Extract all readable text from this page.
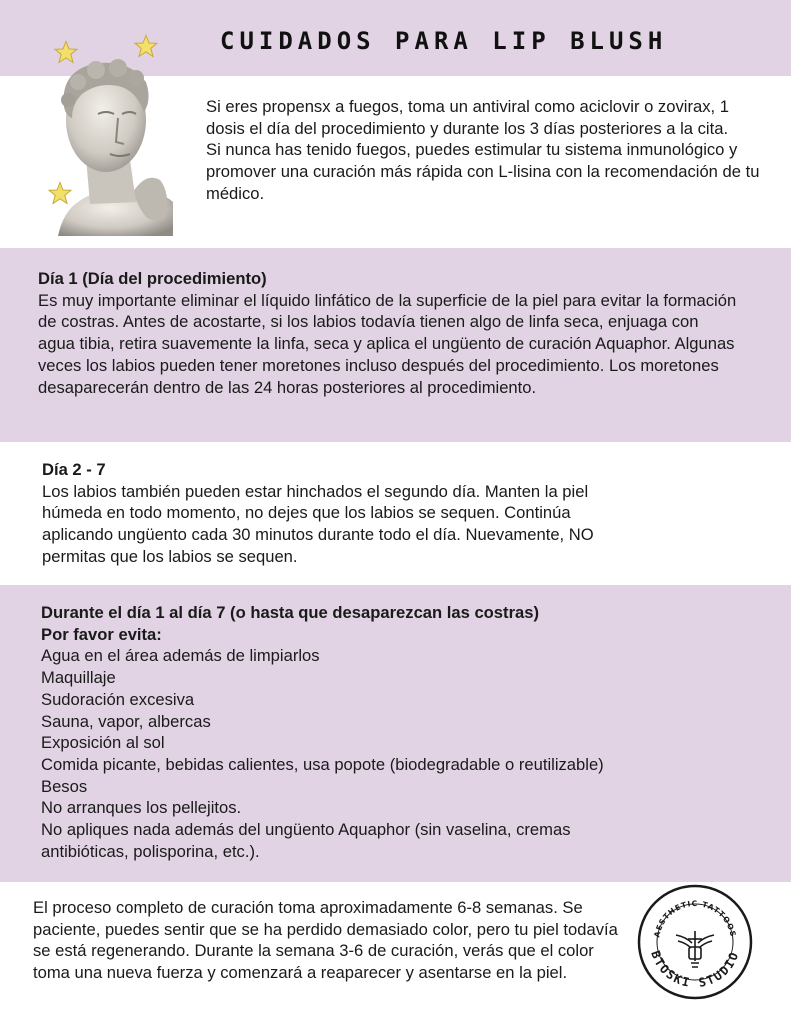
CUIDADOS PARA LIP BLUSH

Si eres propensx a fuegos, toma un antiviral como aciclovir o zovirax, 1 dosis el día del procedimiento y durante los 3 días posteriores a la cita.

Si nunca has tenido fuegos, puedes estimular tu sistema inmunológico y promover una curación más rápida con L-lisina con la recomendación de tu médico.

Día 1 (Día del procedimiento)

Es muy importante eliminar el líquido linfático de la superficie de la piel para evitar la formación de costras. Antes de acostarte, si los labios todavía tienen algo de linfa seca, enjuaga con agua tibia, retira suavemente la linfa, seca y aplica el ungüento de curación Aquaphor. Algunas veces los labios pueden tener moretones incluso después del procedimiento. Los moretones desaparecerán dentro de las 24 horas posteriores al procedimiento.

Día 2 - 7

Los labios también pueden estar hinchados el segundo día. Manten la piel húmeda en todo momento, no dejes que los labios se sequen. Continúa aplicando ungüento cada 30 minutos durante todo el día. Nuevamente, NO permitas que los labios se sequen.

Durante el día 1 al día 7 (o hasta que desaparezcan las costras)

Por favor evita:

Agua en el área además de limpiarlos

Maquillaje

Sudoración excesiva

Sauna, vapor, albercas

Exposición al sol

Comida picante, bebidas calientes, usa popote (biodegradable o reutilizable)

Besos

No arranques los pellejitos.

No apliques nada además del ungüento Aquaphor (sin vaselina, cremas antibióticas, polisporina, etc.).

El proceso completo de curación toma aproximadamente 6-8 semanas. Se paciente, puedes sentir que se ha perdido demasiado color, pero tu piel todavía se está regenerando. Durante la semana 3-6 de curación, verás que el color toma una nueva fuerza y comenzará a reaparecer y asentarse en la piel.

AESTHETIC TATTOOS
BTOSKI STUDIO
